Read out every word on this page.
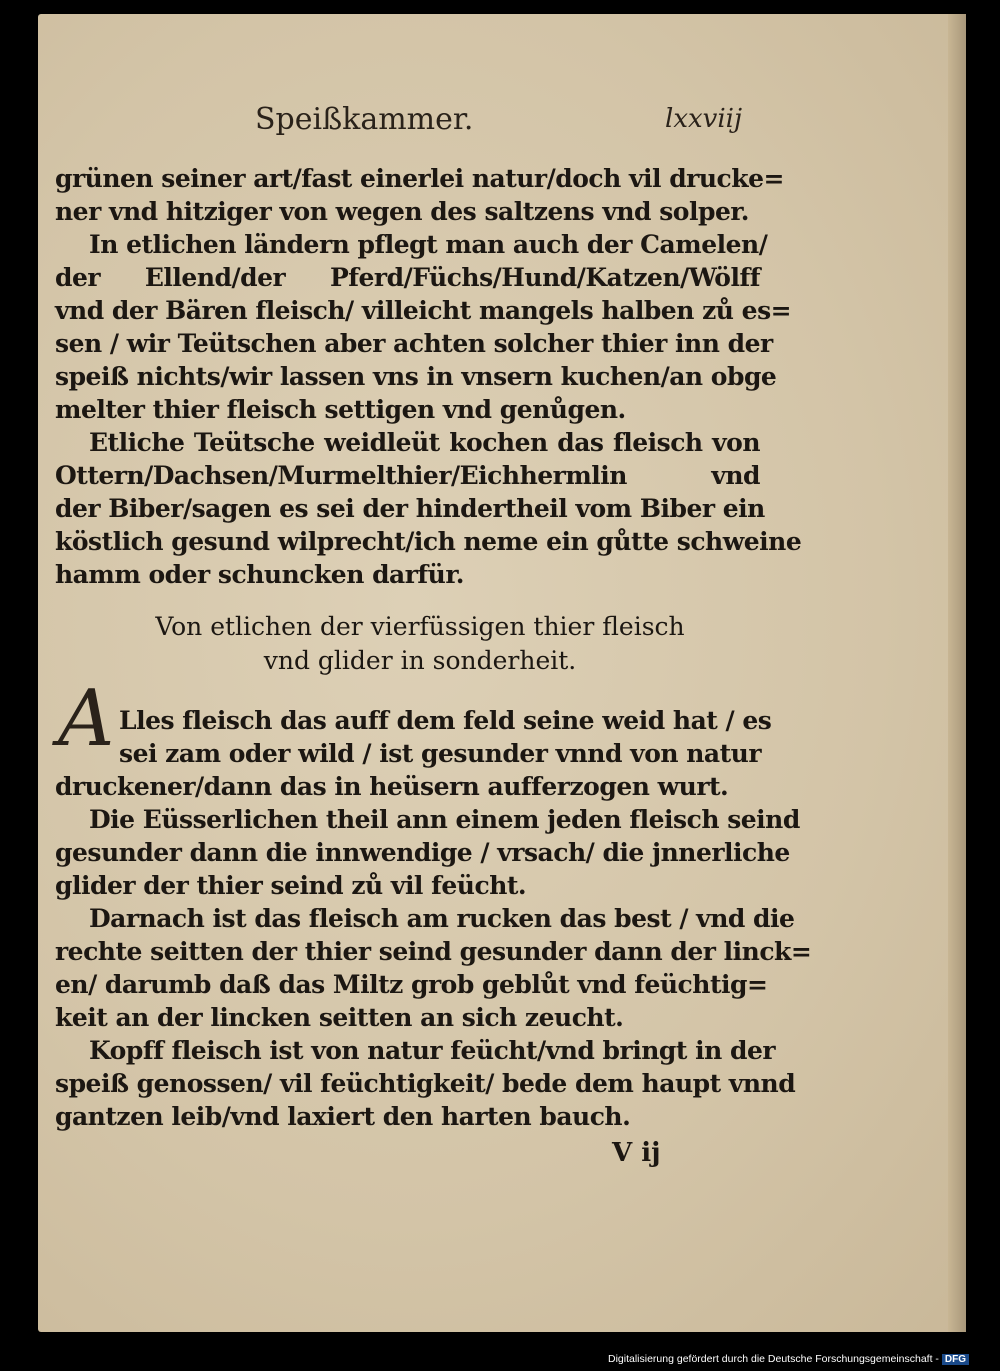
Speißkammer.	lxxviij
grünen seiner art/fast einerlei natur/doch vil drucke=
ner vnd hitziger von wegen des saltzens vnd solper.
In etlichen ländern pflegt man auch der Camelen/
der Ellend/der Pferd/Füchs/Hund/Katzen/Wölff
vnd der Bären fleisch/ villeicht mangels halben zů es=
sen / wir Teütschen aber achten solcher thier inn der
speiß nichts/wir lassen vns in vnsern kuchen/an obge
melter thier fleisch settigen vnd genůgen.
Etliche Teütsche weidleüt kochen das fleisch von
Ottern/Dachsen/Murmelthier/Eichhermlin vnd
der Biber/sagen es sei der hindertheil vom Biber ein
köstlich gesund wilprecht/ich neme ein gůtte schweine
hamm oder schuncken darfür.
Von etlichen der vierfüssigen thier fleisch
vnd glider in sonderheit.
A Lles fleisch das auff dem feld seine weid hat / es
sei zam oder wild / ist gesunder vnnd von natur
druckener/dann das in heüsern aufferzogen wurt.
Die Eüsserlichen theil ann einem jeden fleisch seind
gesunder dann die innwendige / vrsach/ die jnnerliche
glider der thier seind zů vil feücht.
Darnach ist das fleisch am rucken das best / vnd die
rechte seitten der thier seind gesunder dann der linck=
en/ darumb daß das Miltz grob geblůt vnd feüchtig=
keit an der lincken seitten an sich zeucht.
Kopff fleisch ist von natur feücht/vnd bringt in der
speiß genossen/ vil feüchtigkeit/ bede dem haupt vnnd
gantzen leib/vnd laxiert den harten bauch.
V ij
Digitalisierung gefördert durch die Deutsche Forschungsgemeinschaft - DFG
